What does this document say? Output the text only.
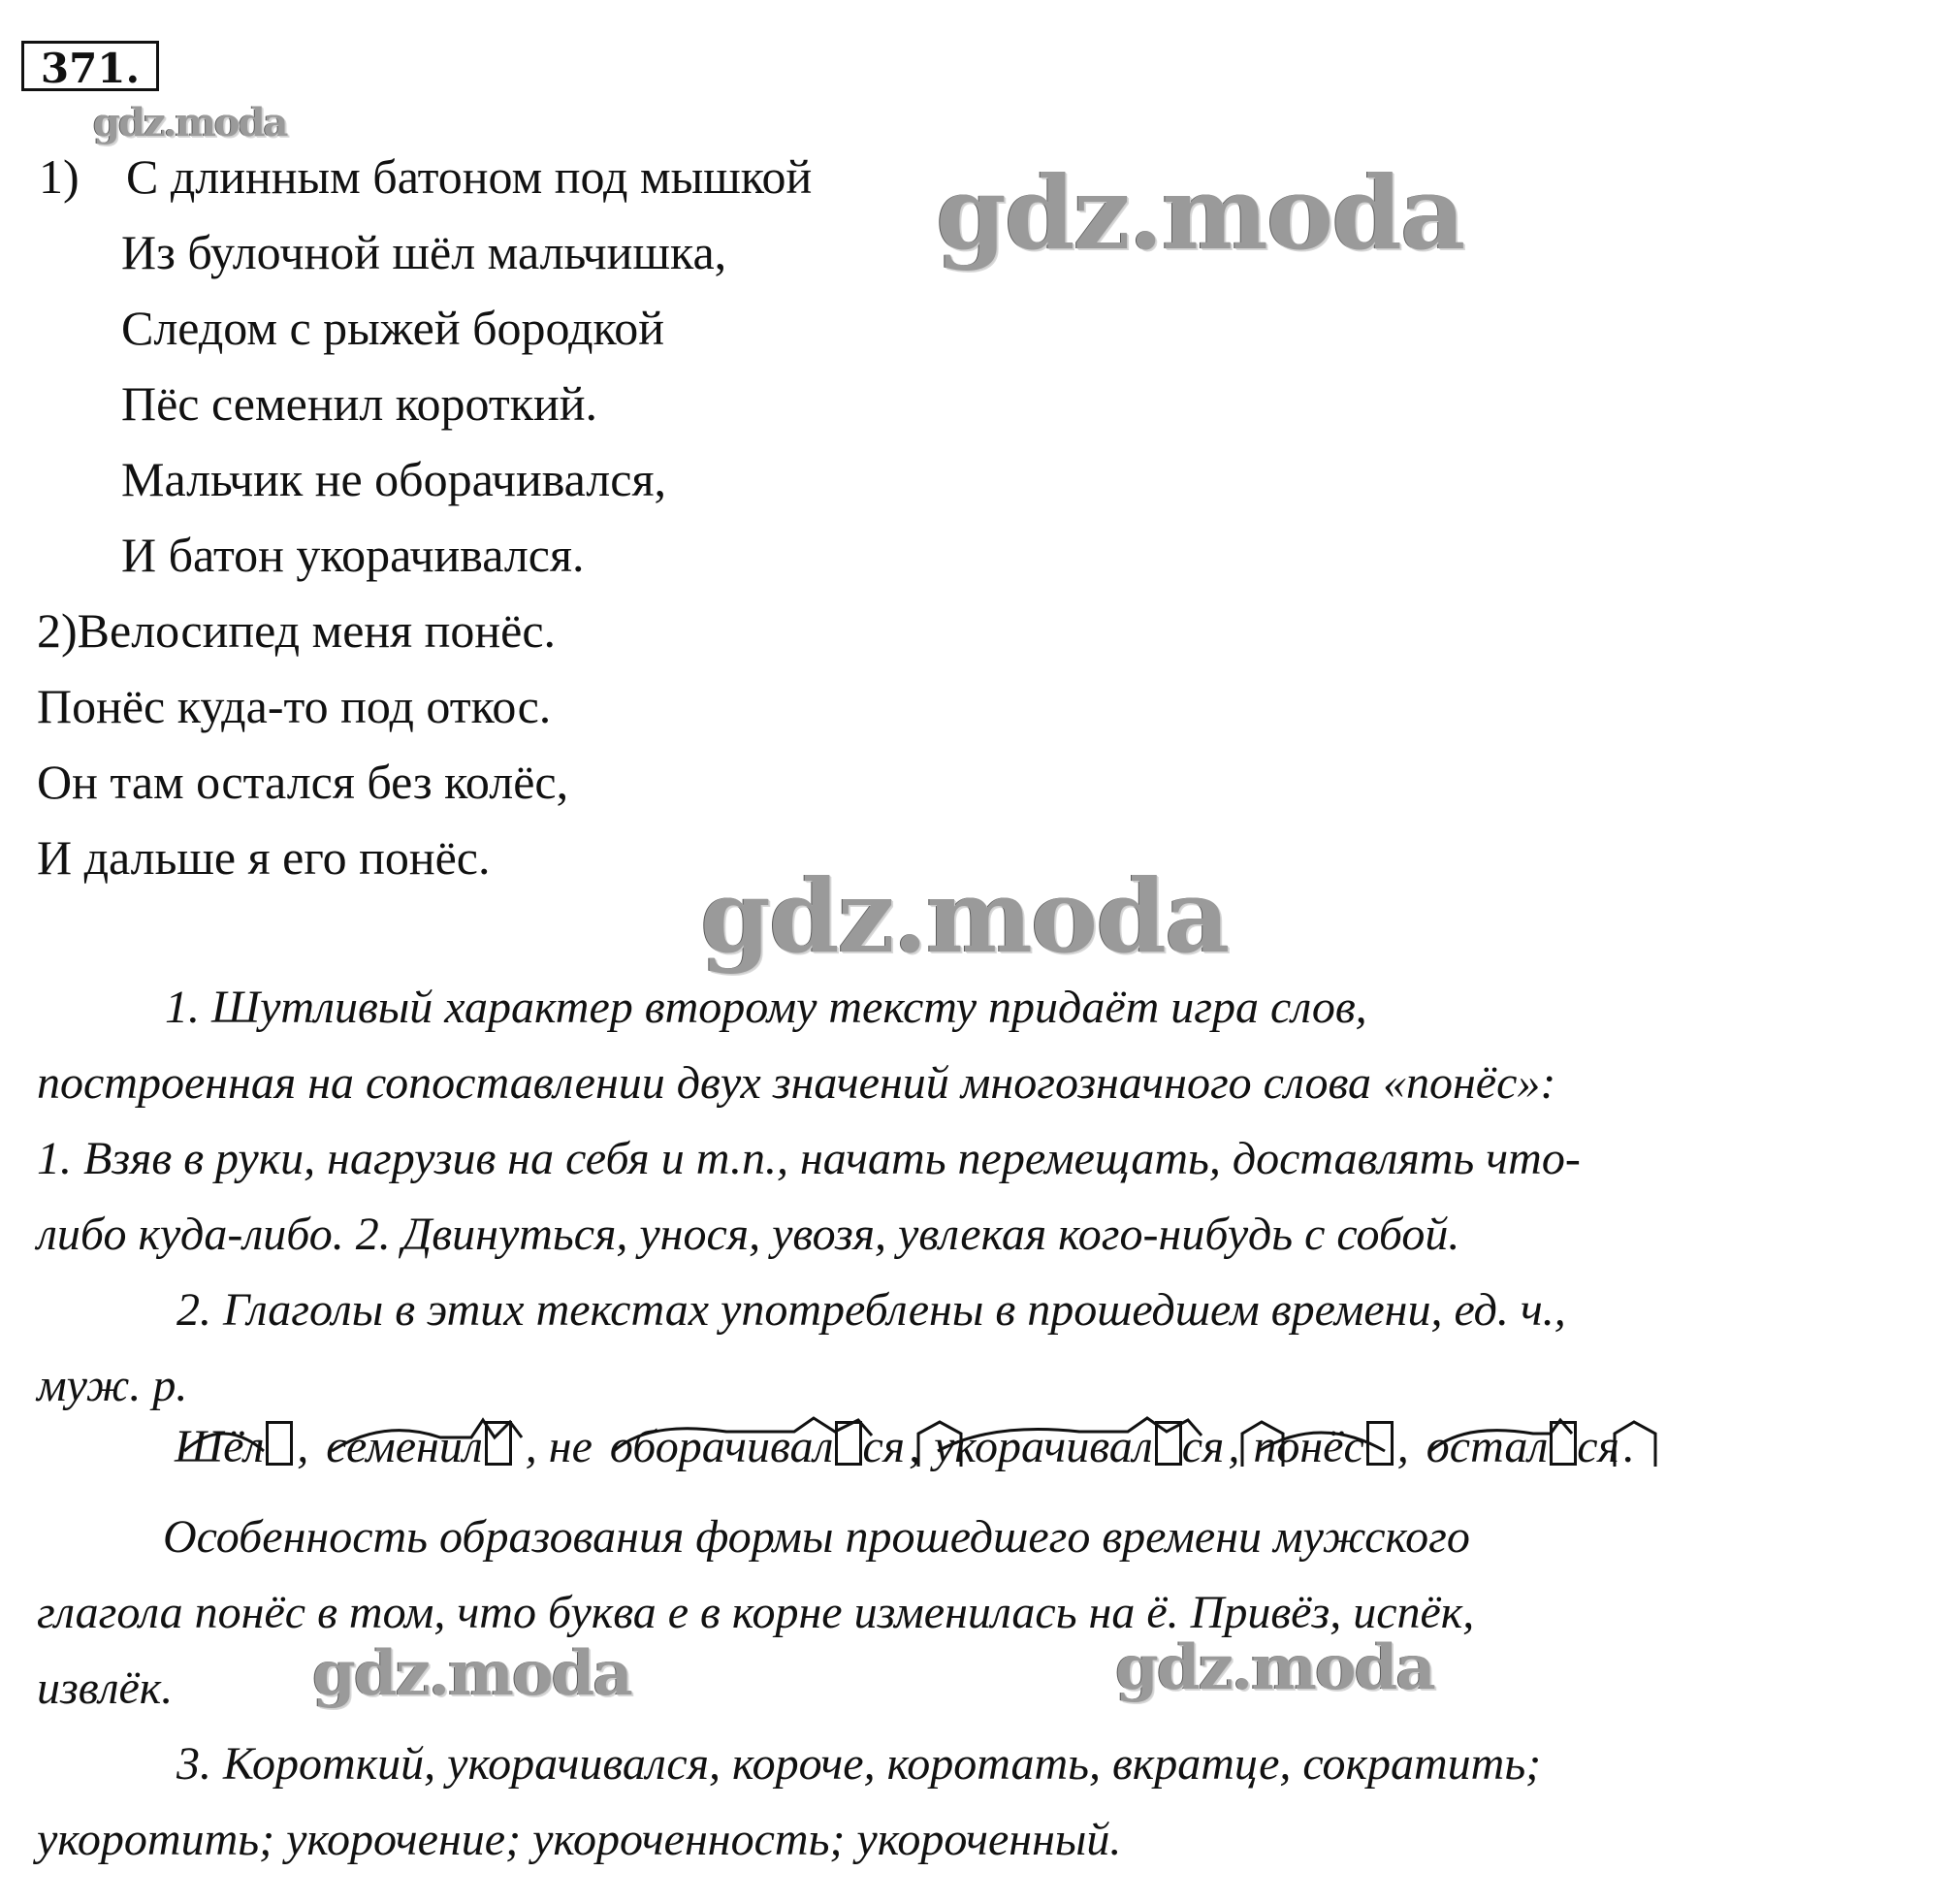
371.
gdz.moda
gdz.moda
gdz.moda
gdz.moda	gdz.moda
1) С длинным батоном под мышкой
Из булочной шёл мальчишка,
Следом с рыжей бородкой
Пёс семенил короткий.
Мальчик не оборачивался,
И батон укорачивался.
2)Велосипед меня понёс.
Понёс куда-то под откос.
Он там остался без колёс,
И дальше я его понёс.
1. Шутливый характер второму тексту придаёт игра слов,
построенная на сопоставлении двух значений многозначного слова «понёс»:
1. Взяв в руки, нагрузив на себя и т.п., начать перемещать, доставлять что-
либо куда-либо. 2. Двинуться, унося, увозя, увлекая кого-нибудь с собой.
2. Глаголы в этих текстах употреблены в прошедшем времени, ед. ч.,
муж. р.
Шёл , семенил , не оборачивал ся , укорачивал ся , понёс , остал ся .
Особенность образования формы прошедшего времени мужского
глагола понёс в том, что буква е в корне изменилась на ё. Привёз, испёк,
извлёк.
3. Короткий, укорачивался, короче, коротать, вкратце, сократить;
укоротить; укорочение; укороченность; укороченный.
